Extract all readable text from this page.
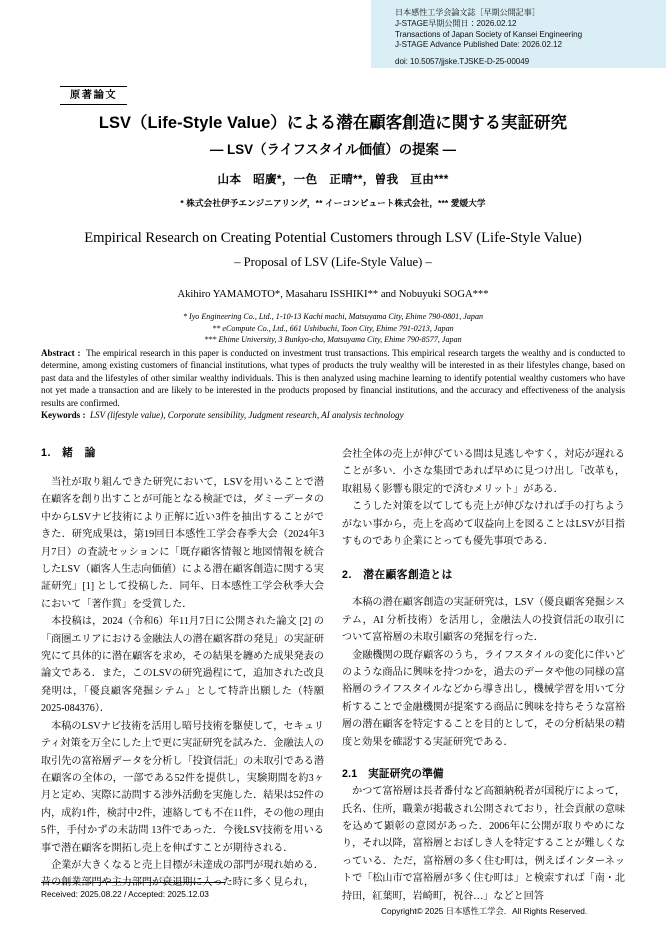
日本感性工学会論文誌［早期公開記事］
J-STAGE早期公開日：2026.02.12
Transactions of Japan Society of Kansei Engineering
J-STAGE Advance Published Date: 2026.02.12
doi: 10.5057/jjske.TJSKE-D-25-00049
原著論文
LSV（Life-Style Value）による潜在顧客創造に関する実証研究
― LSV（ライフスタイル価値）の提案 ―
山本　昭廣*，一色　正晴**，曽我　亘由***
* 株式会社伊予エンジニアリング，** イーコンピュート株式会社，*** 愛媛大学
Empirical Research on Creating Potential Customers through LSV (Life-Style Value)
– Proposal of LSV (Life-Style Value) –
Akihiro YAMAMOTO*, Masaharu ISSHIKI** and Nobuyuki SOGA***
* Iyo Engineering Co., Ltd., 1-10-13 Kachi machi, Matsuyama City, Ehime 790-0801, Japan
** eCompute Co., Ltd., 661 Ushibuchi, Toon City, Ehime 791-0213, Japan
*** Ehime University, 3 Bunkyo-cho, Matsuyama City, Ehime 790-8577, Japan
Abstract : The empirical research in this paper is conducted on investment trust transactions. This empirical research targets the wealthy and is conducted to determine, among existing customers of financial institutions, what types of products the truly wealthy will be interested in as their lifestyles change, based on past data and the lifestyles of other similar wealthy individuals. This is then analyzed using machine learning to identify potential wealthy customers who have not yet made a transaction and are likely to be interested in the products proposed by financial institutions, and the accuracy and effectiveness of the analysis results are confirmed.
Keywords : LSV (lifestyle value), Corporate sensibility, Judgment research, AI analysis technology
1.　緒　論

当社が取り組んできた研究において，LSVを用いることで潜在顧客を創り出すことが可能となる検証では，ダミーデータの中からLSVナビ技術により正解に近い3件を抽出することができた．研究成果は，第19回日本感性工学会春季大会（2024年3月7日）の査読セッションに「既存顧客情報と地図情報を統合したLSV（顧客人生志向価値）による潜在顧客創造に関する実証研究」[1] として投稿した．同年、日本感性工学会秋季大会において「著作賞」を受賞した．

本投稿は，2024（令和6）年11月7日に公開された論文 [2] の「商圏エリアにおける金融法人の潜在顧客群の発見」の実証研究にて具体的に潜在顧客を求め，その結果を纏めた成果発表の論文である．また，このLSVの研究過程にて，追加された改良発明は，「優良顧客発掘シテム」として特許出願した（特願2025‐084376）．

本稿のLSVナビ技術を活用し暗号技術を駆使して，セキュリティ対策を万全にした上で更に実証研究を試みた．金融法人の取引先の富裕層データを分析し「投資信託」の未取引である潜在顧客の全体の，一部である52件を提供し，実験期間を約3ヶ月と定め、実際に訪問する渉外活動を実施した．結果は52件の内，成約1件，検討中2件，連絡しても不在11件，その他の理由5件，手付かずの未訪問 13件であった．今後LSV技術を用いる事で潜在顧客を開拓し売上を伸ばすことが期待される．

企業が大きくなると売上目標が未達成の部門が現れ始める．昔の創業部門や主力部門が衰退期に入った時に多く見られ，

会社全体の売上が伸びている間は見逃しやすく，対応が遅れることが多い．小さな集団であれば早めに見つけ出し「改革も，取組易く影響も限定的で済むメリット」がある．

こうした対策を以てしても売上が伸びなければ手の打ちようがない事から，売上を高めて収益向上を図ることはLSVが目指すものであり企業にとっても優先事項である．

2.　潜在顧客創造とは

本稿の潜在顧客創造の実証研究は，LSV（優良顧客発掘システム，AI 分析技術）を活用し，金融法人の投資信託の取引について富裕層の未取引顧客の発掘を行った．

金融機関の既存顧客のうち，ライフスタイルの変化に伴いどのような商品に興味を持つかを，過去のデータや他の同様の富裕層のライフスタイルなどから導き出し，機械学習を用いて分析することで金融機関が提案する商品に興味を持ちそうな富裕層の潜在顧客を特定することを目的として，その分析結果の精度と効果を確認する実証研究である．

2.1　実証研究の準備

かつて富裕層は長者番付など高額納税者が国税庁によって，氏名、住所，職業が掲載され公開されており，社会貢献の意味を込めて顕彰の意図があった．2006年に公開が取りやめになり，それ以降，富裕層とおぼしき人を特定することが難しくなっている．ただ，富裕層の多く住む町は，例えばインターネットで「松山市で富裕層が多く住む町は」と検索すれば「南・北持田，紅葉町，岩崎町，祝谷…」などと回答

Received: 2025.08.22 / Accepted: 2025.12.03
Copyright© 2025 日本感性工学会．All Rights Reserved.
